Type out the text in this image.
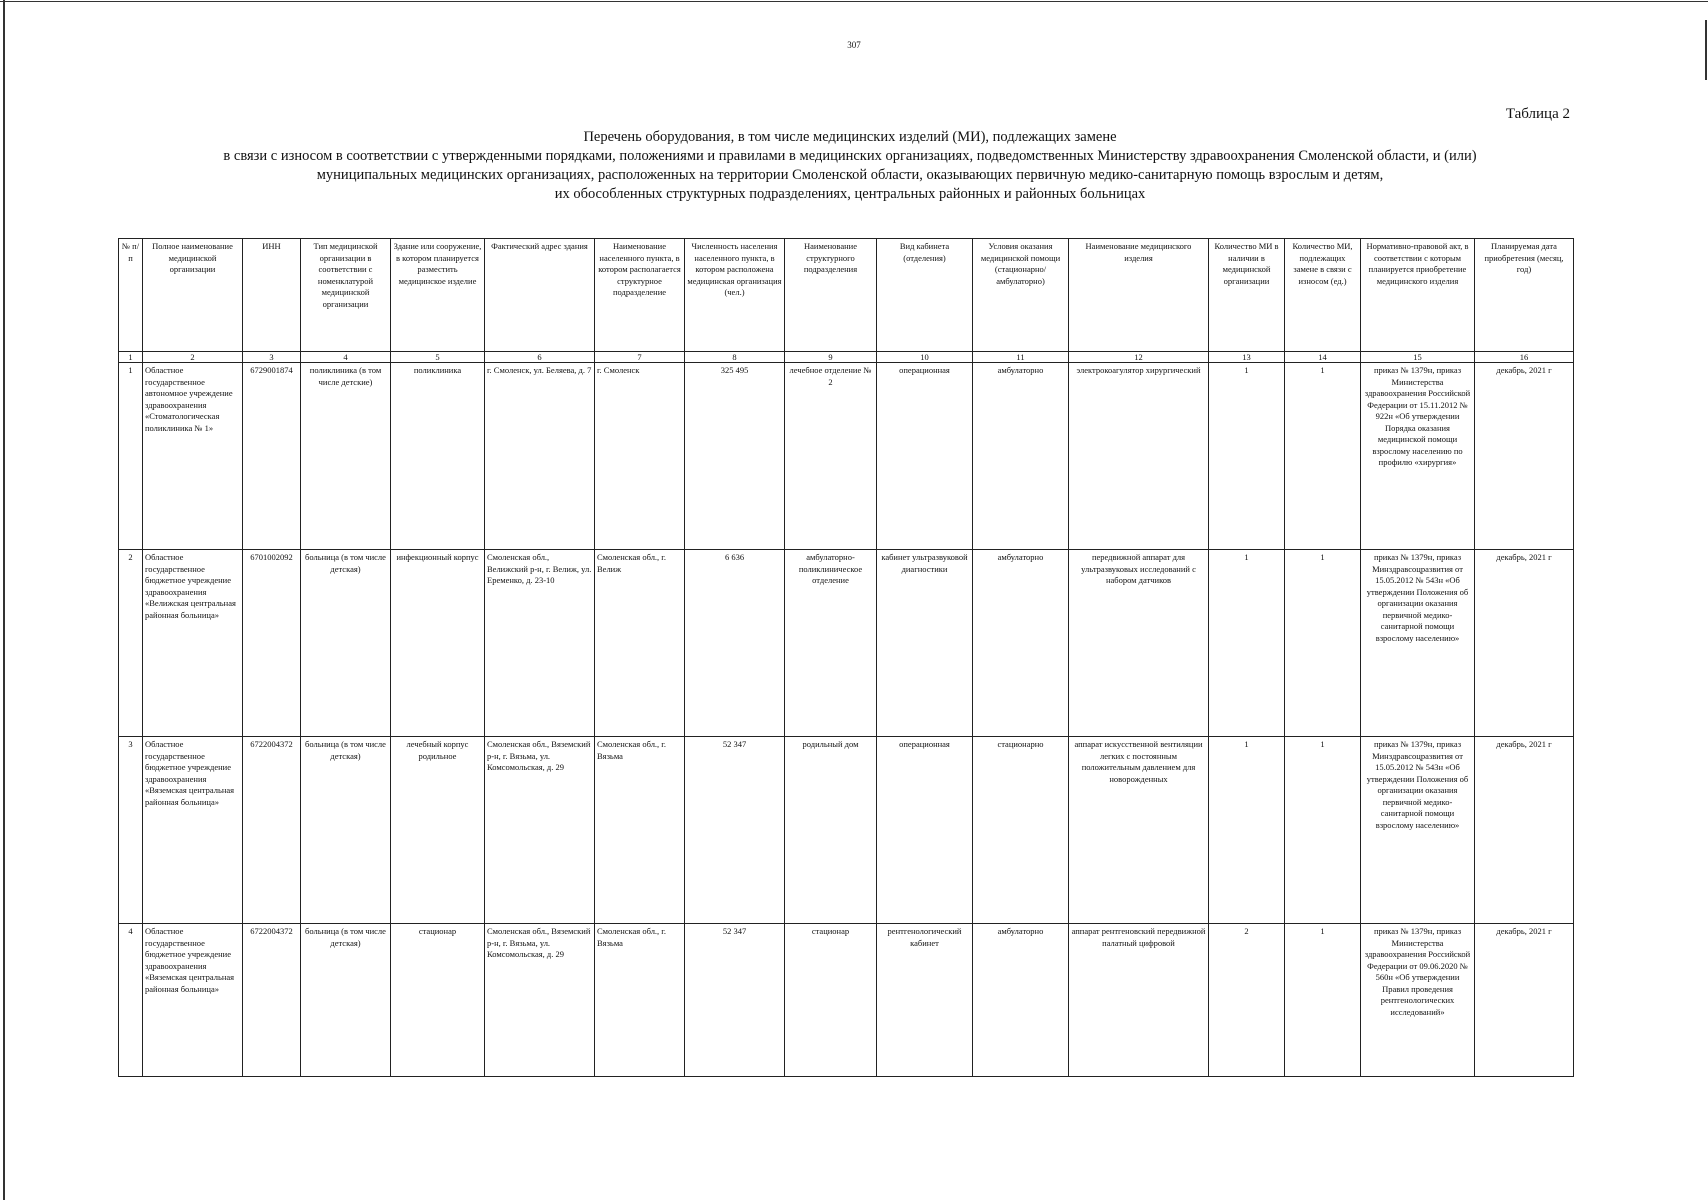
307
Таблица 2
Перечень оборудования, в том числе медицинских изделий (МИ), подлежащих замене
в связи с износом в соответствии с утвержденными порядками, положениями и правилами в медицинских организациях, подведомственных Министерству здравоохранения Смоленской области, и (или)
муниципальных медицинских организациях, расположенных на территории Смоленской области, оказывающих первичную медико-санитарную помощь взрослым и детям,
их обособленных структурных подразделениях, центральных районных и районных больницах
№ п/п	Полное наименование медицинской организации	ИНН	Тип медицинской организации в соответствии с номенклатурой медицинской организации	Здание или сооружение, в котором планируется разместить медицинское изделие	Фактический адрес здания	Наименование населенного пункта, в котором располагается структурное подразделение	Численность населения населенного пункта, в котором расположена медицинская организация (чел.)	Наименование структурного подразделения	Вид кабинета (отделения)	Условия оказания медицинской помощи (стационарно/ амбулаторно)	Наименование медицинского изделия	Количество МИ в наличии в медицинской организации	Количество МИ, подлежащих замене в связи с износом (ед.)	Нормативно-правовой акт, в соответствии с которым планируется приобретение медицинского изделия	Планируемая дата приобретения (месяц, год)
1	2	3	4	5	6	7	8	9	10	11	12	13	14	15	16
1	Областное государственное автономное учреждение здравоохранения «Стоматологическая поликлиника № 1»	6729001874	поликлиника (в том числе детские)	поликлиника	г. Смоленск, ул. Беляева, д. 7	г. Смоленск	325 495	лечебное отделение № 2	операционная	амбулаторно	электрокоагулятор хирургический	1	1	приказ № 1379н, приказ Министерства здравоохранения Российской Федерации от 15.11.2012 № 922н «Об утверждении Порядка оказания медицинской помощи взрослому населению по профилю «хирургия»	декабрь, 2021 г
2	Областное государственное бюджетное учреждение здравоохранения «Велижская центральная районная больница»	6701002092	больница (в том числе детская)	инфекционный корпус	Смоленская обл., Велижский р-н, г. Велиж, ул. Еременко, д. 23-10	Смоленская обл., г. Велиж	6 636	амбулаторно-поликлиническое отделение	кабинет ультразвуковой диагностики	амбулаторно	передвижной аппарат для ультразвуковых исследований с набором датчиков	1	1	приказ № 1379н, приказ Минздравсоцразвития от 15.05.2012 № 543н «Об утверждении Положения об организации оказания первичной медико-санитарной помощи взрослому населению»	декабрь, 2021 г
3	Областное государственное бюджетное учреждение здравоохранения «Вяземская центральная районная больница»	6722004372	больница (в том числе детская)	лечебный корпус родильное	Смоленская обл., Вяземский р-н, г. Вязьма, ул. Комсомольская, д. 29	Смоленская обл., г. Вязьма	52 347	родильный дом	операционная	стационарно	аппарат искусственной вентиляции легких с постоянным положительным давлением для новорожденных	1	1	приказ № 1379н, приказ Минздравсоцразвития от 15.05.2012 № 543н «Об утверждении Положения об организации оказания первичной медико-санитарной помощи взрослому населению»	декабрь, 2021 г
4	Областное государственное бюджетное учреждение здравоохранения «Вяземская центральная районная больница»	6722004372	больница (в том числе детская)	стационар	Смоленская обл., Вяземский р-н, г. Вязьма, ул. Комсомольская, д. 29	Смоленская обл., г. Вязьма	52 347	стационар	рентгенологический кабинет	амбулаторно	аппарат рентгеновский передвижной палатный цифровой	2	1	приказ № 1379н, приказ Министерства здравоохранения Российской Федерации от 09.06.2020 № 560н «Об утверждении Правил проведения рентгенологических исследований»	декабрь, 2021 г
